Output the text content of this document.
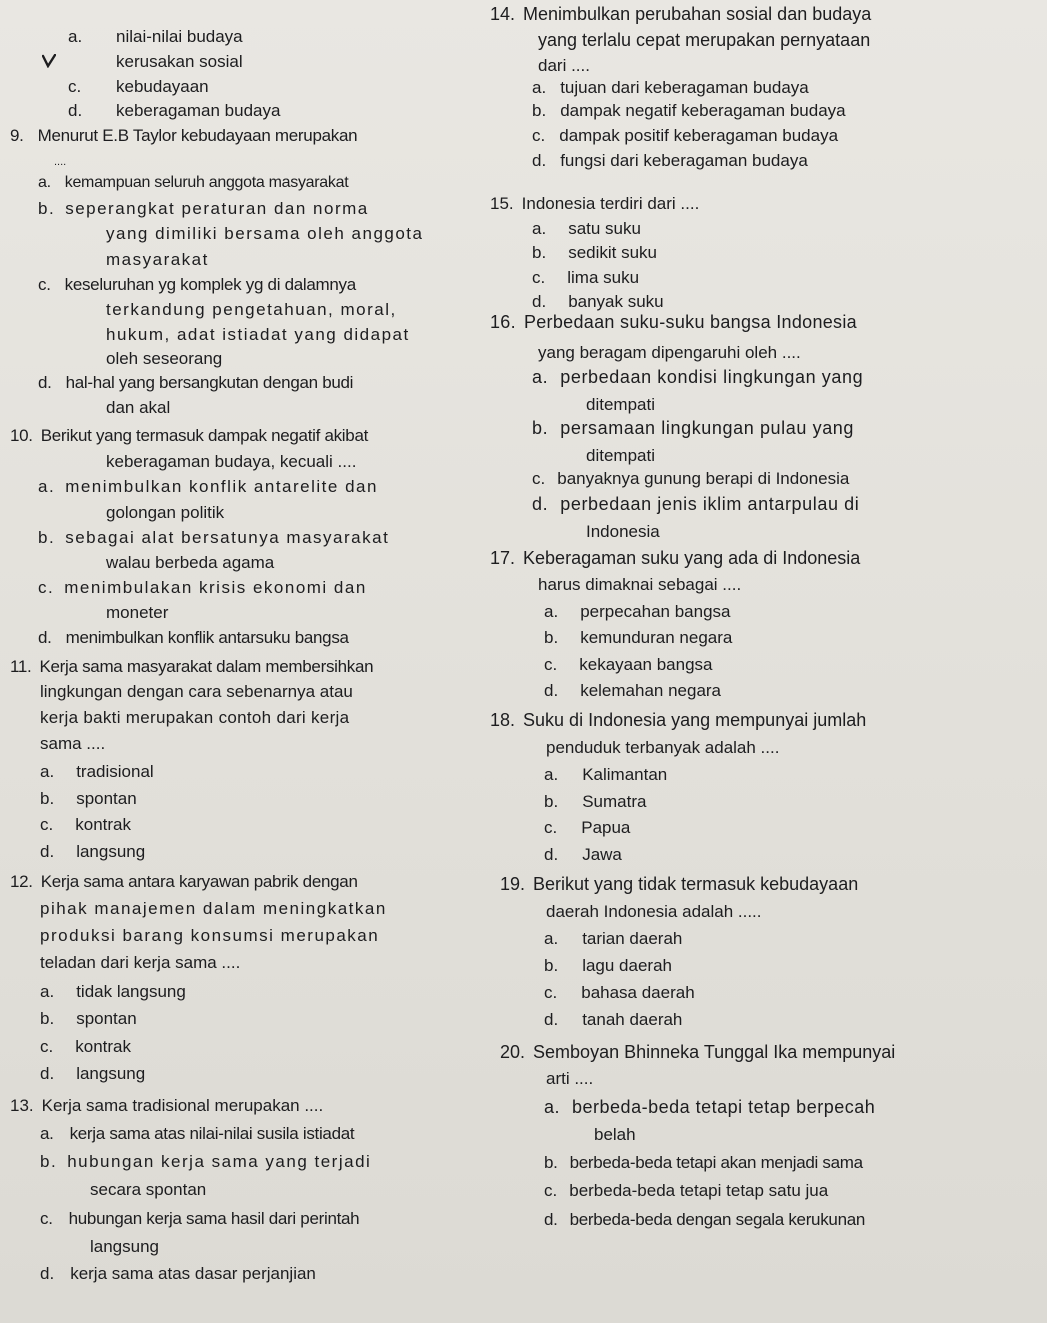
a. nilai-nilai budaya
kerusakan sosial
c. kebudayaan
d. keberagaman budaya
9. Menurut E.B Taylor kebudayaan merupakan
....
a. kemampuan seluruh anggota masyarakat
b. seperangkat peraturan dan norma
yang dimiliki bersama oleh anggota
masyarakat
c. keseluruhan yg komplek yg di dalamnya
terkandung pengetahuan, moral,
hukum, adat istiadat yang didapat
oleh seseorang
d. hal-hal yang bersangkutan dengan budi
dan akal
10. Berikut yang termasuk dampak negatif akibat
keberagaman budaya, kecuali ....
a. menimbulkan konflik antarelite dan
golongan politik
b. sebagai alat bersatunya masyarakat
walau berbeda agama
c. menimbulakan krisis ekonomi dan
moneter
d. menimbulkan konflik antarsuku bangsa
11. Kerja sama masyarakat dalam membersihkan
lingkungan dengan cara sebenarnya atau
kerja bakti merupakan contoh dari kerja
sama ....
a. tradisional
b. spontan
c. kontrak
d. langsung
12. Kerja sama antara karyawan pabrik dengan
pihak manajemen dalam meningkatkan
produksi barang konsumsi merupakan
teladan dari kerja sama ....
a. tidak langsung
b. spontan
c. kontrak
d. langsung
13. Kerja sama tradisional merupakan ....
a. kerja sama atas nilai-nilai susila istiadat
b. hubungan kerja sama yang terjadi
secara spontan
c. hubungan kerja sama hasil dari perintah
langsung
d. kerja sama atas dasar perjanjian
14. Menimbulkan perubahan sosial dan budaya
yang terlalu cepat merupakan pernyataan
dari ....
a. tujuan dari keberagaman budaya
b. dampak negatif keberagaman budaya
c. dampak positif keberagaman budaya
d. fungsi dari keberagaman budaya
15. Indonesia terdiri dari ....
a. satu suku
b. sedikit suku
c. lima suku
d. banyak suku
16. Perbedaan suku-suku bangsa Indonesia
yang beragam dipengaruhi oleh ....
a. perbedaan kondisi lingkungan yang
ditempati
b. persamaan lingkungan pulau yang
ditempati
c. banyaknya gunung berapi di Indonesia
d. perbedaan jenis iklim antarpulau di
Indonesia
17. Keberagaman suku yang ada di Indonesia
harus dimaknai sebagai ....
a. perpecahan bangsa
b. kemunduran negara
c. kekayaan bangsa
d. kelemahan negara
18. Suku di Indonesia yang mempunyai jumlah
penduduk terbanyak adalah ....
a. Kalimantan
b. Sumatra
c. Papua
d. Jawa
19. Berikut yang tidak termasuk kebudayaan
daerah Indonesia adalah .....
a. tarian daerah
b. lagu daerah
c. bahasa daerah
d. tanah daerah
20. Semboyan Bhinneka Tunggal Ika mempunyai
arti ....
a. berbeda-beda tetapi tetap berpecah
belah
b. berbeda-beda tetapi akan menjadi sama
c. berbeda-beda tetapi tetap satu jua
d. berbeda-beda dengan segala kerukunan
